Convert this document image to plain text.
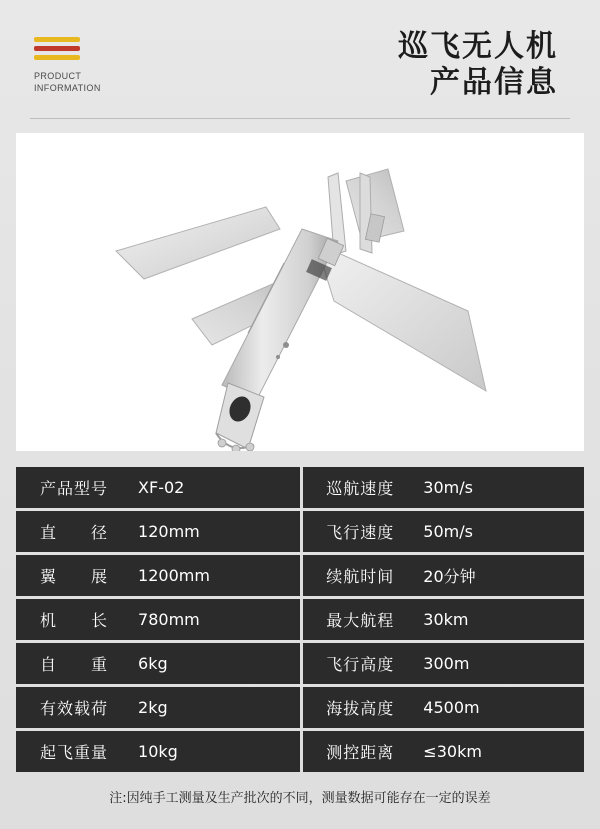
PRODUCT
INFORMATION
巡飞无人机
产品信息
产品型号	XF-02		巡航速度	30m/s
直　　径	120mm		飞行速度	50m/s
翼　　展	1200mm		续航时间	20分钟
机　　长	780mm		最大航程	30km
自　　重	6kg		飞行高度	300m
有效载荷	2kg		海拔高度	4500m
起飞重量	10kg		测控距离	≤30km
注:因纯手工测量及生产批次的不同，测量数据可能存在一定的误差
